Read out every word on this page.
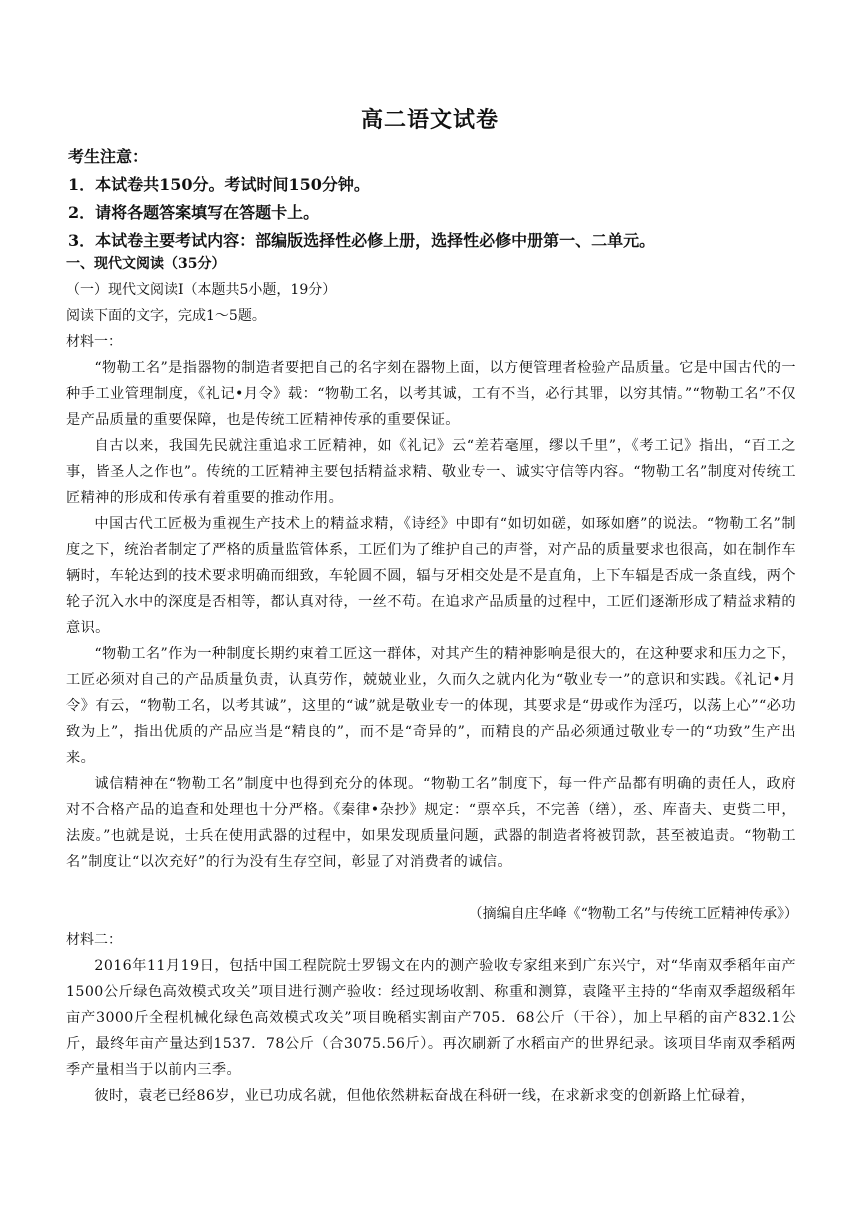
高二语文试卷
考生注意：
1．本试卷共150分。考试时间150分钟。
2．请将各题答案填写在答题卡上。
3．本试卷主要考试内容：部编版选择性必修上册，选择性必修中册第一、二单元。
一、现代文阅读（35分）
（一）现代文阅读Ⅰ（本题共5小题，19分）
阅读下面的文字，完成1～5题。
材料一：

“物勒工名”是指器物的制造者要把自己的名字刻在器物上面，以方便管理者检验产品质量。它是中国古代的一种手工业管理制度，《礼记•月令》载：“物勒工名，以考其诚，工有不当，必行其罪，以穷其情。”“物勒工名”不仅是产品质量的重要保障，也是传统工匠精神传承的重要保证。

自古以来，我国先民就注重追求工匠精神，如《礼记》云“差若毫厘，缪以千里”，《考工记》指出，“百工之事，皆圣人之作也”。传统的工匠精神主要包括精益求精、敬业专一、诚实守信等内容。“物勒工名”制度对传统工匠精神的形成和传承有着重要的推动作用。

中国古代工匠极为重视生产技术上的精益求精，《诗经》中即有“如切如磋，如琢如磨”的说法。“物勒工名”制度之下，统治者制定了严格的质量监管体系，工匠们为了维护自己的声誉，对产品的质量要求也很高，如在制作车辆时，车轮达到的技术要求明确而细致，车轮圆不圆，辐与牙相交处是不是直角，上下车辐是否成一条直线，两个轮子沉入水中的深度是否相等，都认真对待，一丝不苟。在追求产品质量的过程中，工匠们逐渐形成了精益求精的意识。

“物勒工名”作为一种制度长期约束着工匠这一群体，对其产生的精神影响是很大的，在这种要求和压力之下，工匠必须对自己的产品质量负责，认真劳作，兢兢业业，久而久之就内化为“敬业专一”的意识和实践。《礼记•月令》有云，“物勒工名，以考其诚”，这里的“诚”就是敬业专一的体现，其要求是“毋或作为淫巧，以荡上心”“必功致为上”，指出优质的产品应当是“精良的”，而不是“奇异的”，而精良的产品必须通过敬业专一的“功致”生产出来。

诚信精神在“物勒工名”制度中也得到充分的体现。“物勒工名”制度下，每一件产品都有明确的责任人，政府对不合格产品的追查和处理也十分严格。《秦律•杂抄》规定：“票卒兵，不完善（缮），丞、库啬夫、吏赀二甲，法废。”也就是说，士兵在使用武器的过程中，如果发现质量问题，武器的制造者将被罚款，甚至被追责。“物勒工名”制度让“以次充好”的行为没有生存空间，彰显了对消费者的诚信。

（摘编自庄华峰《“物勒工名”与传统工匠精神传承》）
材料二：

2016年11月19日，包括中国工程院院士罗锡文在内的测产验收专家组来到广东兴宁，对“华南双季稻年亩产1500公斤绿色高效模式攻关”项目进行测产验收：经过现场收割、称重和测算，袁隆平主持的“华南双季超级稻年亩产3000斤全程机械化绿色高效模式攻关”项目晚稻实割亩产705．68公斤（干谷），加上早稻的亩产832.1公斤，最终年亩产量达到1537．78公斤（合3075.56斤）。再次刷新了水稻亩产的世界纪录。该项目华南双季稻两季产量相当于以前内三季。

彼时，袁老已经86岁，业已功成名就，但他依然耕耘奋战在科研一线，在求新求变的创新路上忙碌着，
